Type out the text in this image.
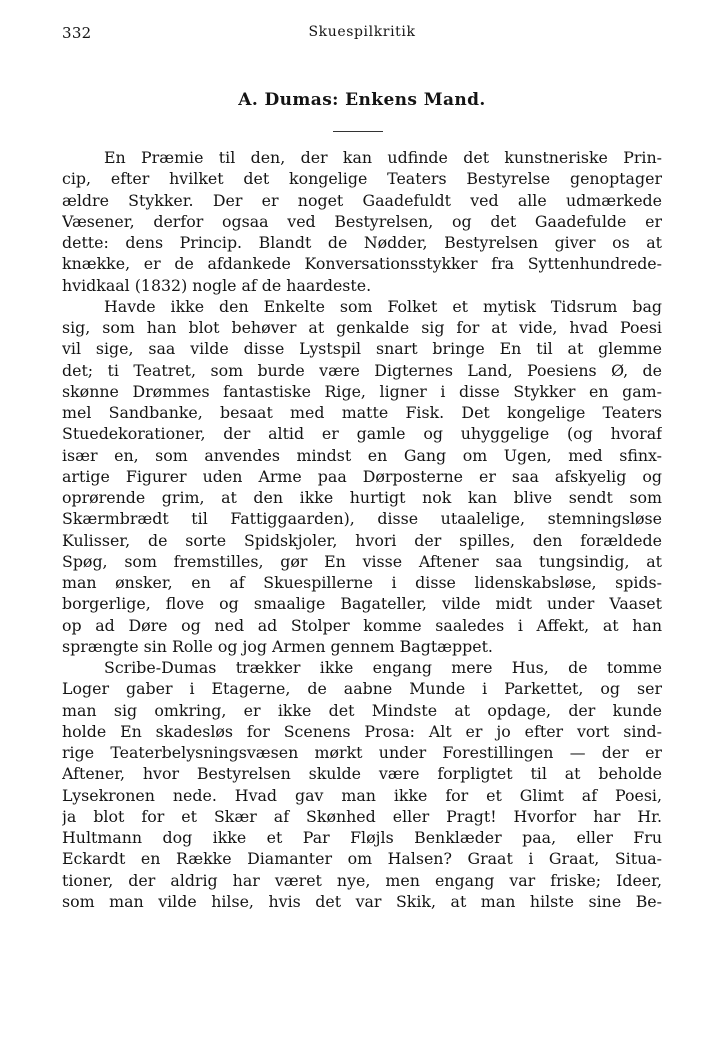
332	Skuespilkritik
A. Dumas: Enkens Mand.
En Præmie til den, der kan udfinde det kunstneriske Prin-
cip, efter hvilket det kongelige Teaters Bestyrelse genoptager
ældre Stykker. Der er noget Gaadefuldt ved alle udmærkede
Væsener, derfor ogsaa ved Bestyrelsen, og det Gaadefulde er
dette: dens Princip. Blandt de Nødder, Bestyrelsen giver os at
knække, er de afdankede Konversationsstykker fra Syttenhundrede-
hvidkaal (1832) nogle af de haardeste.
Havde ikke den Enkelte som Folket et mytisk Tidsrum bag
sig, som han blot behøver at genkalde sig for at vide, hvad Poesi
vil sige, saa vilde disse Lystspil snart bringe En til at glemme
det; ti Teatret, som burde være Digternes Land, Poesiens Ø, de
skønne Drømmes fantastiske Rige, ligner i disse Stykker en gam-
mel Sandbanke, besaat med matte Fisk. Det kongelige Teaters
Stuedekorationer, der altid er gamle og uhyggelige (og hvoraf
især en, som anvendes mindst en Gang om Ugen, med sfinx-
artige Figurer uden Arme paa Dørposterne er saa afskyelig og
oprørende grim, at den ikke hurtigt nok kan blive sendt som
Skærmbrædt til Fattiggaarden), disse utaalelige, stemningsløse
Kulisser, de sorte Spidskjoler, hvori der spilles, den forældede
Spøg, som fremstilles, gør En visse Aftener saa tungsindig, at
man ønsker, en af Skuespillerne i disse lidenskabsløse, spids-
borgerlige, flove og smaalige Bagateller, vilde midt under Vaaset
op ad Døre og ned ad Stolper komme saaledes i Affekt, at han
sprængte sin Rolle og jog Armen gennem Bagtæppet.
Scribe-Dumas trækker ikke engang mere Hus, de tomme
Loger gaber i Etagerne, de aabne Munde i Parkettet, og ser
man sig omkring, er ikke det Mindste at opdage, der kunde
holde En skadesløs for Scenens Prosa: Alt er jo efter vort sind-
rige Teaterbelysningsvæsen mørkt under Forestillingen — der er
Aftener, hvor Bestyrelsen skulde være forpligtet til at beholde
Lysekronen nede. Hvad gav man ikke for et Glimt af Poesi,
ja blot for et Skær af Skønhed eller Pragt! Hvorfor har Hr.
Hultmann dog ikke et Par Fløjls Benklæder paa, eller Fru
Eckardt en Række Diamanter om Halsen? Graat i Graat, Situa-
tioner, der aldrig har været nye, men engang var friske; Ideer,
som man vilde hilse, hvis det var Skik, at man hilste sine Be-
